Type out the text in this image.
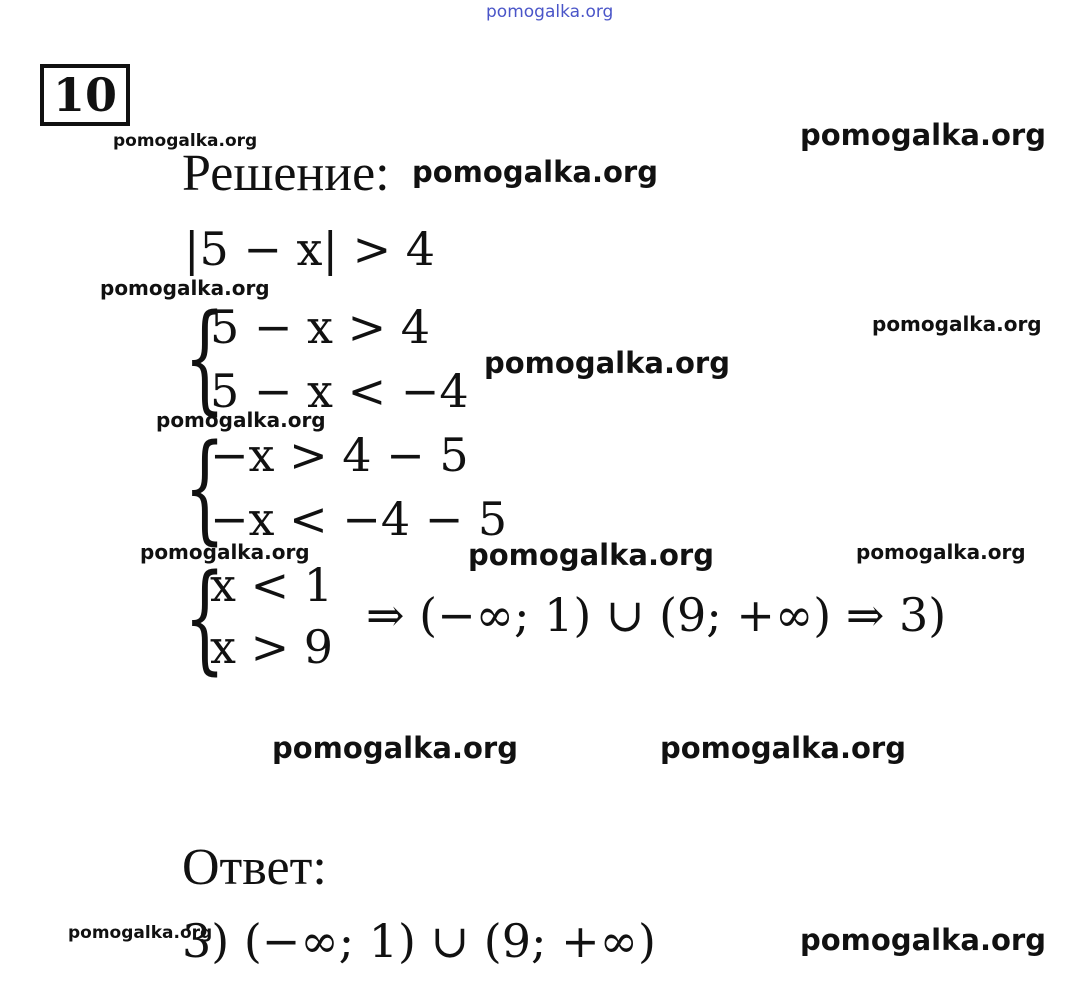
pomogalka.org
pomogalka.org	pomogalka.org
pomogalka.org
pomogalka.org
pomogalka.org
pomogalka.org
pomogalka.org
pomogalka.org	pomogalka.org	pomogalka.org
pomogalka.org	pomogalka.org
pomogalka.org	pomogalka.org
10
Решение:
Ответ:
|5 − x| > 4
{
5 − x > 4
5 − x < −4
{
−x > 4 − 5
−x < −4 − 5
{
x < 1
x > 9
⇒ (−∞; 1) ∪ (9; +∞) ⇒ 3)
3) (−∞; 1) ∪ (9; +∞)
